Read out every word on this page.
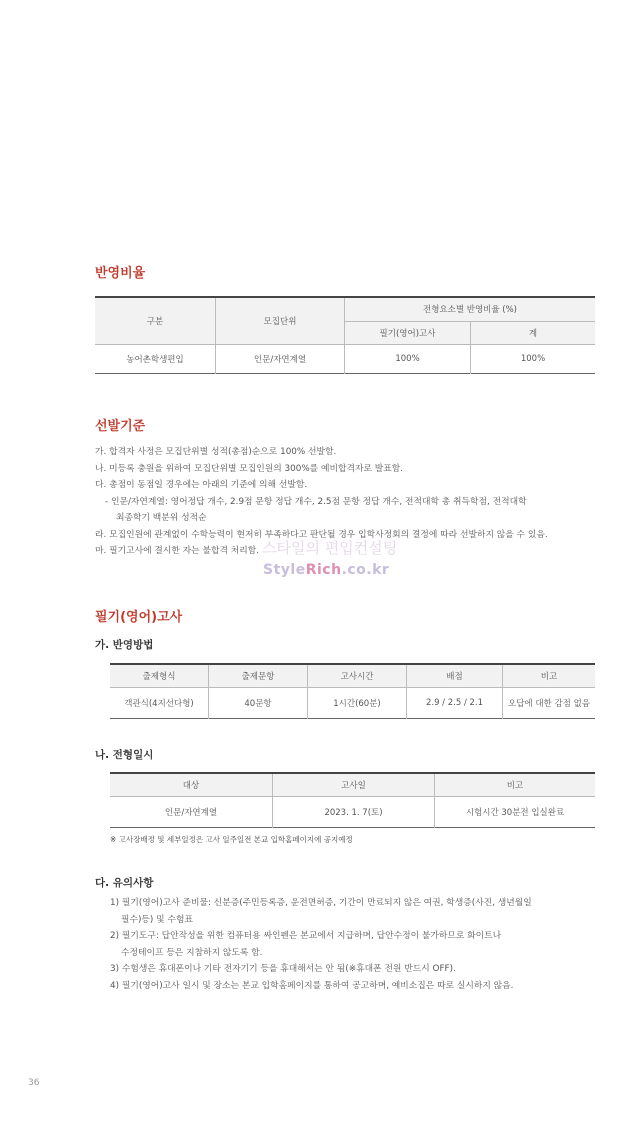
반영비율
구분	모집단위	전형요소별 반영비율 (%)	
		필기(영어)고사	계
농어촌학생편입	인문/자연계열	100%	100%
선발기준
가. 합격자 사정은 모집단위별 성적(총점)순으로 100% 선발함.
나. 미등록 충원을 위하여 모집단위별 모집인원의 300%를 예비합격자로 발표함.
다. 총점이 동점일 경우에는 아래의 기준에 의해 선발함.
- 인문/자연계열: 영어정답 개수, 2.9점 문항 정답 개수, 2.5점 문항 정답 개수, 전적대학 총 취득학점, 전적대학
최종학기 백분위 성적순
라. 모집인원에 관계없이 수학능력이 현저히 부족하다고 판단될 경우 입학사정회의 결정에 따라 선발하지 않을 수 있음.
마. 필기고사에 결시한 자는 불합격 처리함. 스타일의 편입컨설팅
StyleRich.co.kr
필기(영어)고사
가. 반영방법
출제형식	출제문항	고사시간	배점	비고
객관식(4지선다형)	40문항	1시간(60분)	2.9 / 2.5 / 2.1	오답에 대한 감점 없음
나. 전형일시
대상	고사일	비고
인문/자연계열	2023. 1. 7(토)	시험시간 30분전 입실완료
※ 고사장배정 및 세부일정은 고사 일주일전 본교 입학홈페이지에 공지예정
다. 유의사항
1) 필기(영어)고사 준비물: 신분증(주민등록증, 운전면허증, 기간이 만료되지 않은 여권, 학생증(사진, 생년월일
필수)등) 및 수험표
2) 필기도구: 답안작성을 위한 컴퓨터용 싸인펜은 본교에서 지급하며, 답안수정이 불가하므로 화이트나
수정테이프 등은 지참하지 않도록 함.
3) 수험생은 휴대폰이나 기타 전자기기 등을 휴대해서는 안 됨(※휴대폰 전원 반드시 OFF).
4) 필기(영어)고사 일시 및 장소는 본교 입학홈페이지를 통하여 공고하며, 예비소집은 따로 실시하지 않음.
36
